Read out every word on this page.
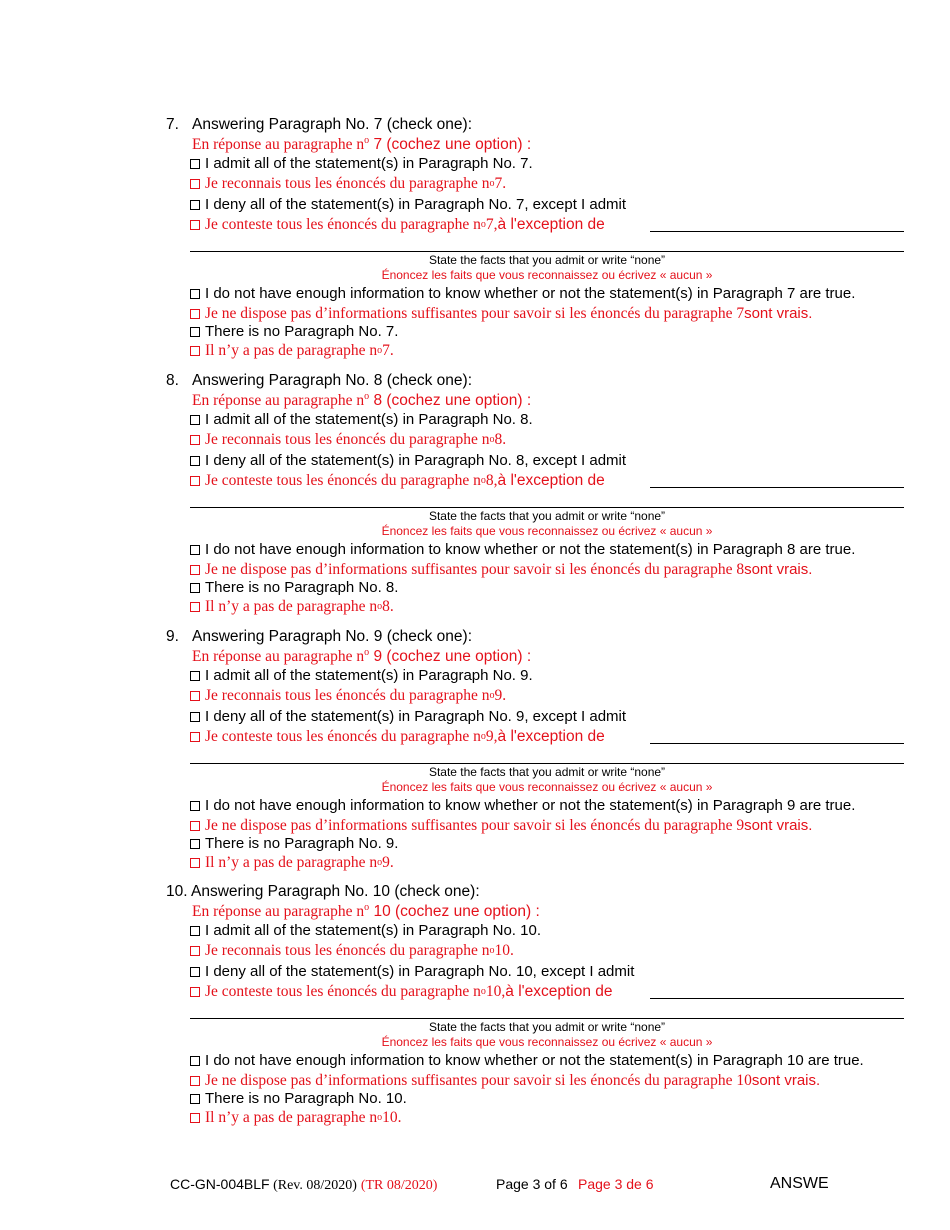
7. Answering Paragraph No. 7 (check one):
En réponse au paragraphe $n^o$ 7 (cochez une option) :
I admit all of the statement(s) in Paragraph No. 7.
Je reconnais tous les énoncés du paragraphe n o 7.
I deny all of the statement(s) in Paragraph No. 7, except I admit
Je conteste tous les énoncés du paragraphe n o 7, à l'exception de
State the facts that you admit or write “none”
Énoncez les faits que vous reconnaissez ou écrivez « aucun »
I do not have enough information to know whether or not the statement(s) in Paragraph 7 are true.
Je ne dispose pas d’informations suffisantes pour savoir si les énoncés du paragraphe 7 sont vrais.
There is no Paragraph No. 7.
Il n’y a pas de paragraphe n o 7.
8. Answering Paragraph No. 8 (check one):
En réponse au paragraphe $n^o$ 8 (cochez une option) :
I admit all of the statement(s) in Paragraph No. 8.
Je reconnais tous les énoncés du paragraphe n o 8.
I deny all of the statement(s) in Paragraph No. 8, except I admit
Je conteste tous les énoncés du paragraphe n o 8, à l'exception de
State the facts that you admit or write “none”
Énoncez les faits que vous reconnaissez ou écrivez « aucun »
I do not have enough information to know whether or not the statement(s) in Paragraph 8 are true.
Je ne dispose pas d’informations suffisantes pour savoir si les énoncés du paragraphe 8 sont vrais.
There is no Paragraph No. 8.
Il n’y a pas de paragraphe n o 8.
9. Answering Paragraph No. 9 (check one):
En réponse au paragraphe $n^o$ 9 (cochez une option) :
I admit all of the statement(s) in Paragraph No. 9.
Je reconnais tous les énoncés du paragraphe n o 9.
I deny all of the statement(s) in Paragraph No. 9, except I admit
Je conteste tous les énoncés du paragraphe n o 9, à l'exception de
State the facts that you admit or write “none”
Énoncez les faits que vous reconnaissez ou écrivez « aucun »
I do not have enough information to know whether or not the statement(s) in Paragraph 9 are true.
Je ne dispose pas d’informations suffisantes pour savoir si les énoncés du paragraphe 9 sont vrais.
There is no Paragraph No. 9.
Il n’y a pas de paragraphe n o 9.
10. Answering Paragraph No. 10 (check one):
En réponse au paragraphe $n^o$ 10 (cochez une option) :
I admit all of the statement(s) in Paragraph No. 10.
Je reconnais tous les énoncés du paragraphe n o 10.
I deny all of the statement(s) in Paragraph No. 10, except I admit
Je conteste tous les énoncés du paragraphe n o 10, à l'exception de
State the facts that you admit or write “none”
Énoncez les faits que vous reconnaissez ou écrivez « aucun »
I do not have enough information to know whether or not the statement(s) in Paragraph 10 are true.
Je ne dispose pas d’informations suffisantes pour savoir si les énoncés du paragraphe 10 sont vrais.
There is no Paragraph No. 10.
Il n’y a pas de paragraphe n o 10.
CC-GN-004BLF (Rev. 08/2020) (TR 08/2020)	Page 3 of 6 Page 3 de 6	ANSWE
